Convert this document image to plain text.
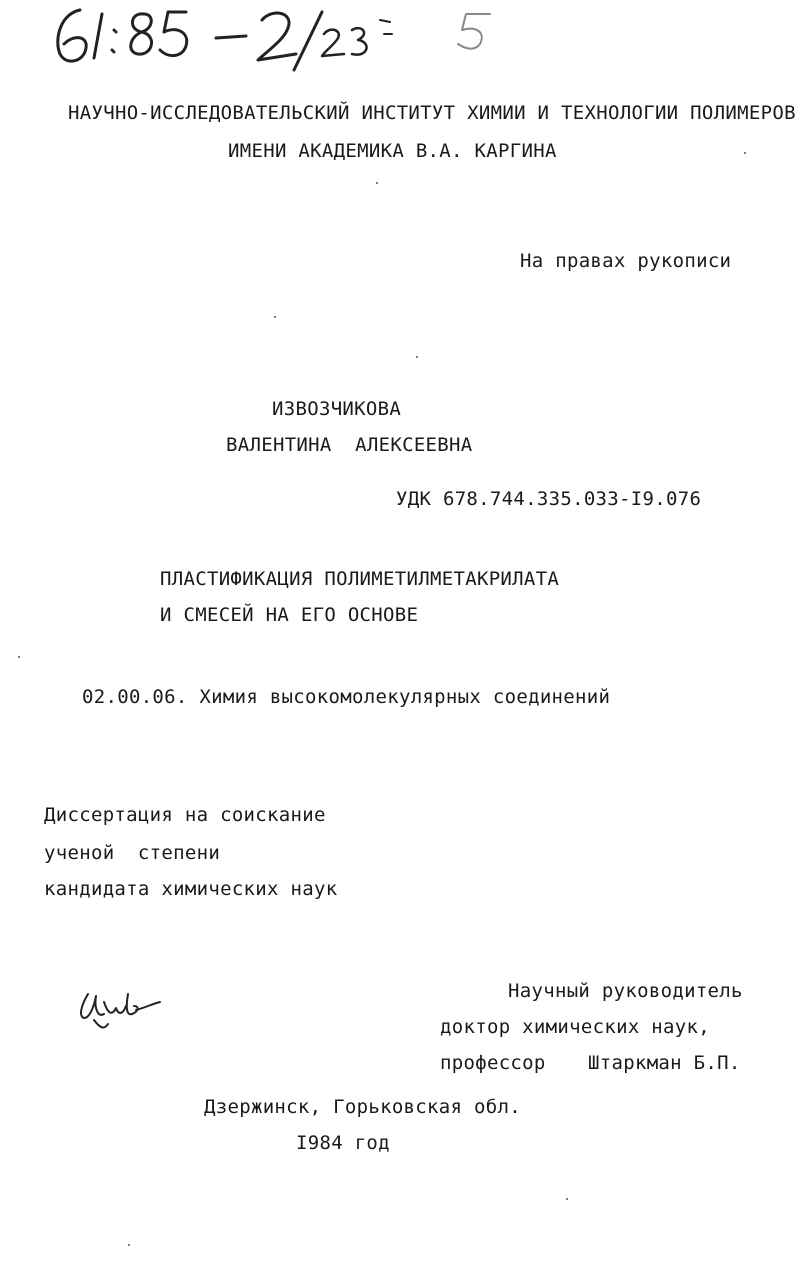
НАУЧНО-ИССЛЕДОВАТЕЛЬСКИЙ ИНСТИТУТ ХИМИИ И ТЕХНОЛОГИИ ПОЛИМЕРОВ
ИМЕНИ АКАДЕМИКА В.А. КАРГИНА
На правах рукописи
ИЗВОЗЧИКОВА
ВАЛЕНТИНА  АЛЕКСЕЕВНА
УДК 678.744.335.033-I9.076
ПЛАСТИФИКАЦИЯ ПОЛИМЕТИЛМЕТАКРИЛАТА
И СМЕСЕЙ НА ЕГО ОСНОВЕ
02.00.06. Химия высокомолекулярных соединений
Диссертация на соискание
ученой  степени
кандидата химических наук
Научный руководитель
доктор химических наук,
профессор Штаркман Б.П.
Дзержинск, Горьковская обл.
I984 год
